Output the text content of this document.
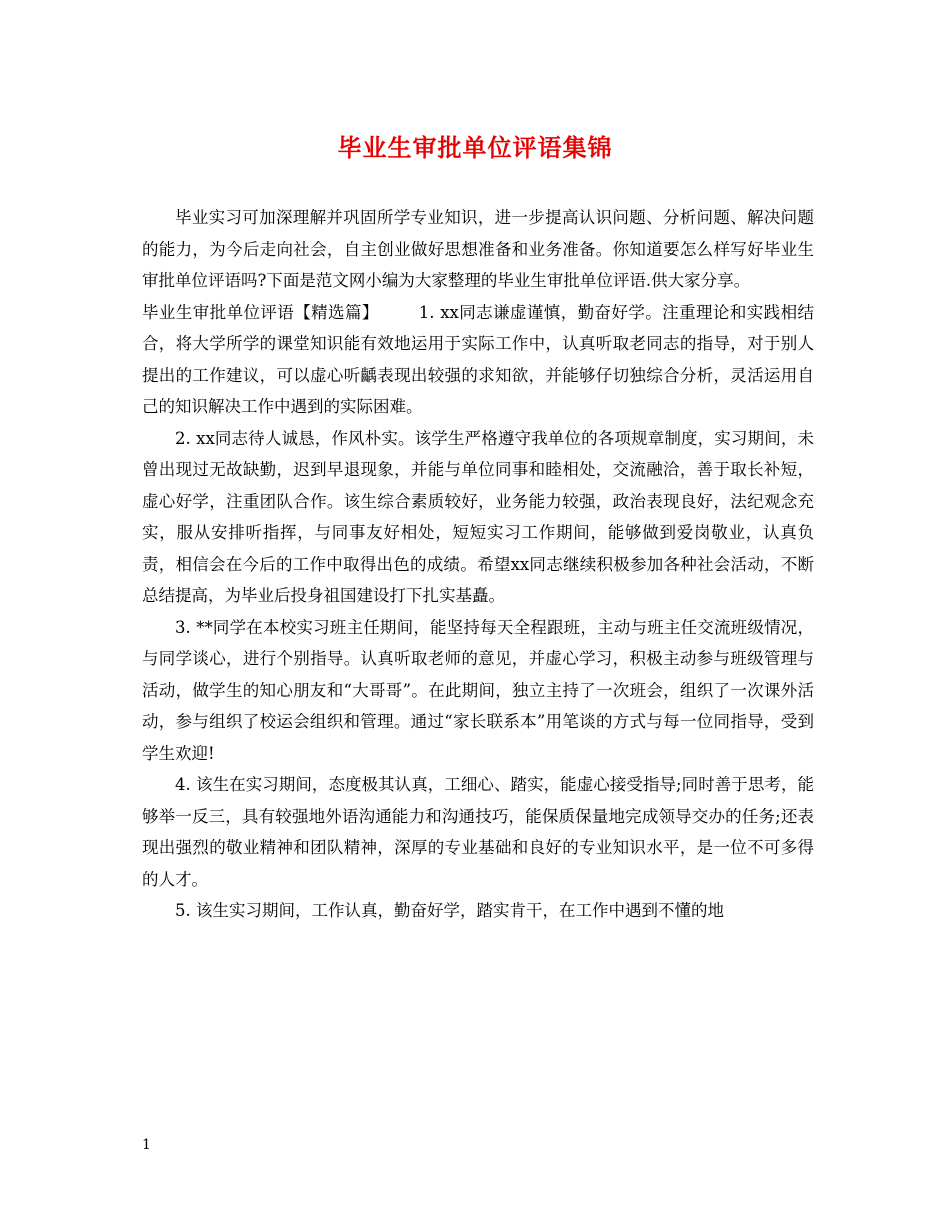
毕业生审批单位评语集锦

毕业实习可加深理解并巩固所学专业知识，进一步提高认识问题、分析问题、解决问题的能力，为今后走向社会，自主创业做好思想准备和业务准备。你知道要怎么样写好毕业生审批单位评语吗?下面是范文网小编为大家整理的毕业生审批单位评语.供大家分享。

毕业生审批单位评语【精选篇】 1. xx同志谦虚谨慎，勤奋好学。注重理论和实践相结合，将大学所学的课堂知识能有效地运用于实际工作中，认真听取老同志的指导，对于别人提出的工作建议，可以虚心听齲表现出较强的求知欲，并能够仔切独综合分析，灵活运用自己的知识解决工作中遇到的实际困难。

2. xx同志待人诚恳，作风朴实。该学生严格遵守我单位的各项规章制度，实习期间，未曾出现过无故缺勤，迟到早退现象，并能与单位同事和睦相处，交流融洽，善于取长补短，虚心好学，注重团队合作。该生综合素质较好，业务能力较强，政治表现良好，法纪观念充实，服从安排听指挥，与同事友好相处，短短实习工作期间，能够做到爱岗敬业，认真负责，相信会在今后的工作中取得出色的成绩。希望xx同志继续积极参加各种社会活动，不断总结提高，为毕业后投身祖国建设打下扎实基矗。

3. **同学在本校实习班主任期间，能坚持每天全程跟班，主动与班主任交流班级情况，与同学谈心，进行个别指导。认真听取老师的意见，并虚心学习，积极主动参与班级管理与活动，做学生的知心朋友和“大哥哥”。在此期间，独立主持了一次班会，组织了一次课外活动，参与组织了校运会组织和管理。通过“家长联系本”用笔谈的方式与每一位同指导，受到学生欢迎!

4. 该生在实习期间，态度极其认真，工细心、踏实，能虚心接受指导;同时善于思考，能够举一反三，具有较强地外语沟通能力和沟通技巧，能保质保量地完成领导交办的任务;还表现出强烈的敬业精神和团队精神，深厚的专业基础和良好的专业知识水平，是一位不可多得的人才。

5. 该生实习期间，工作认真，勤奋好学，踏实肯干，在工作中遇到不懂的地

1
